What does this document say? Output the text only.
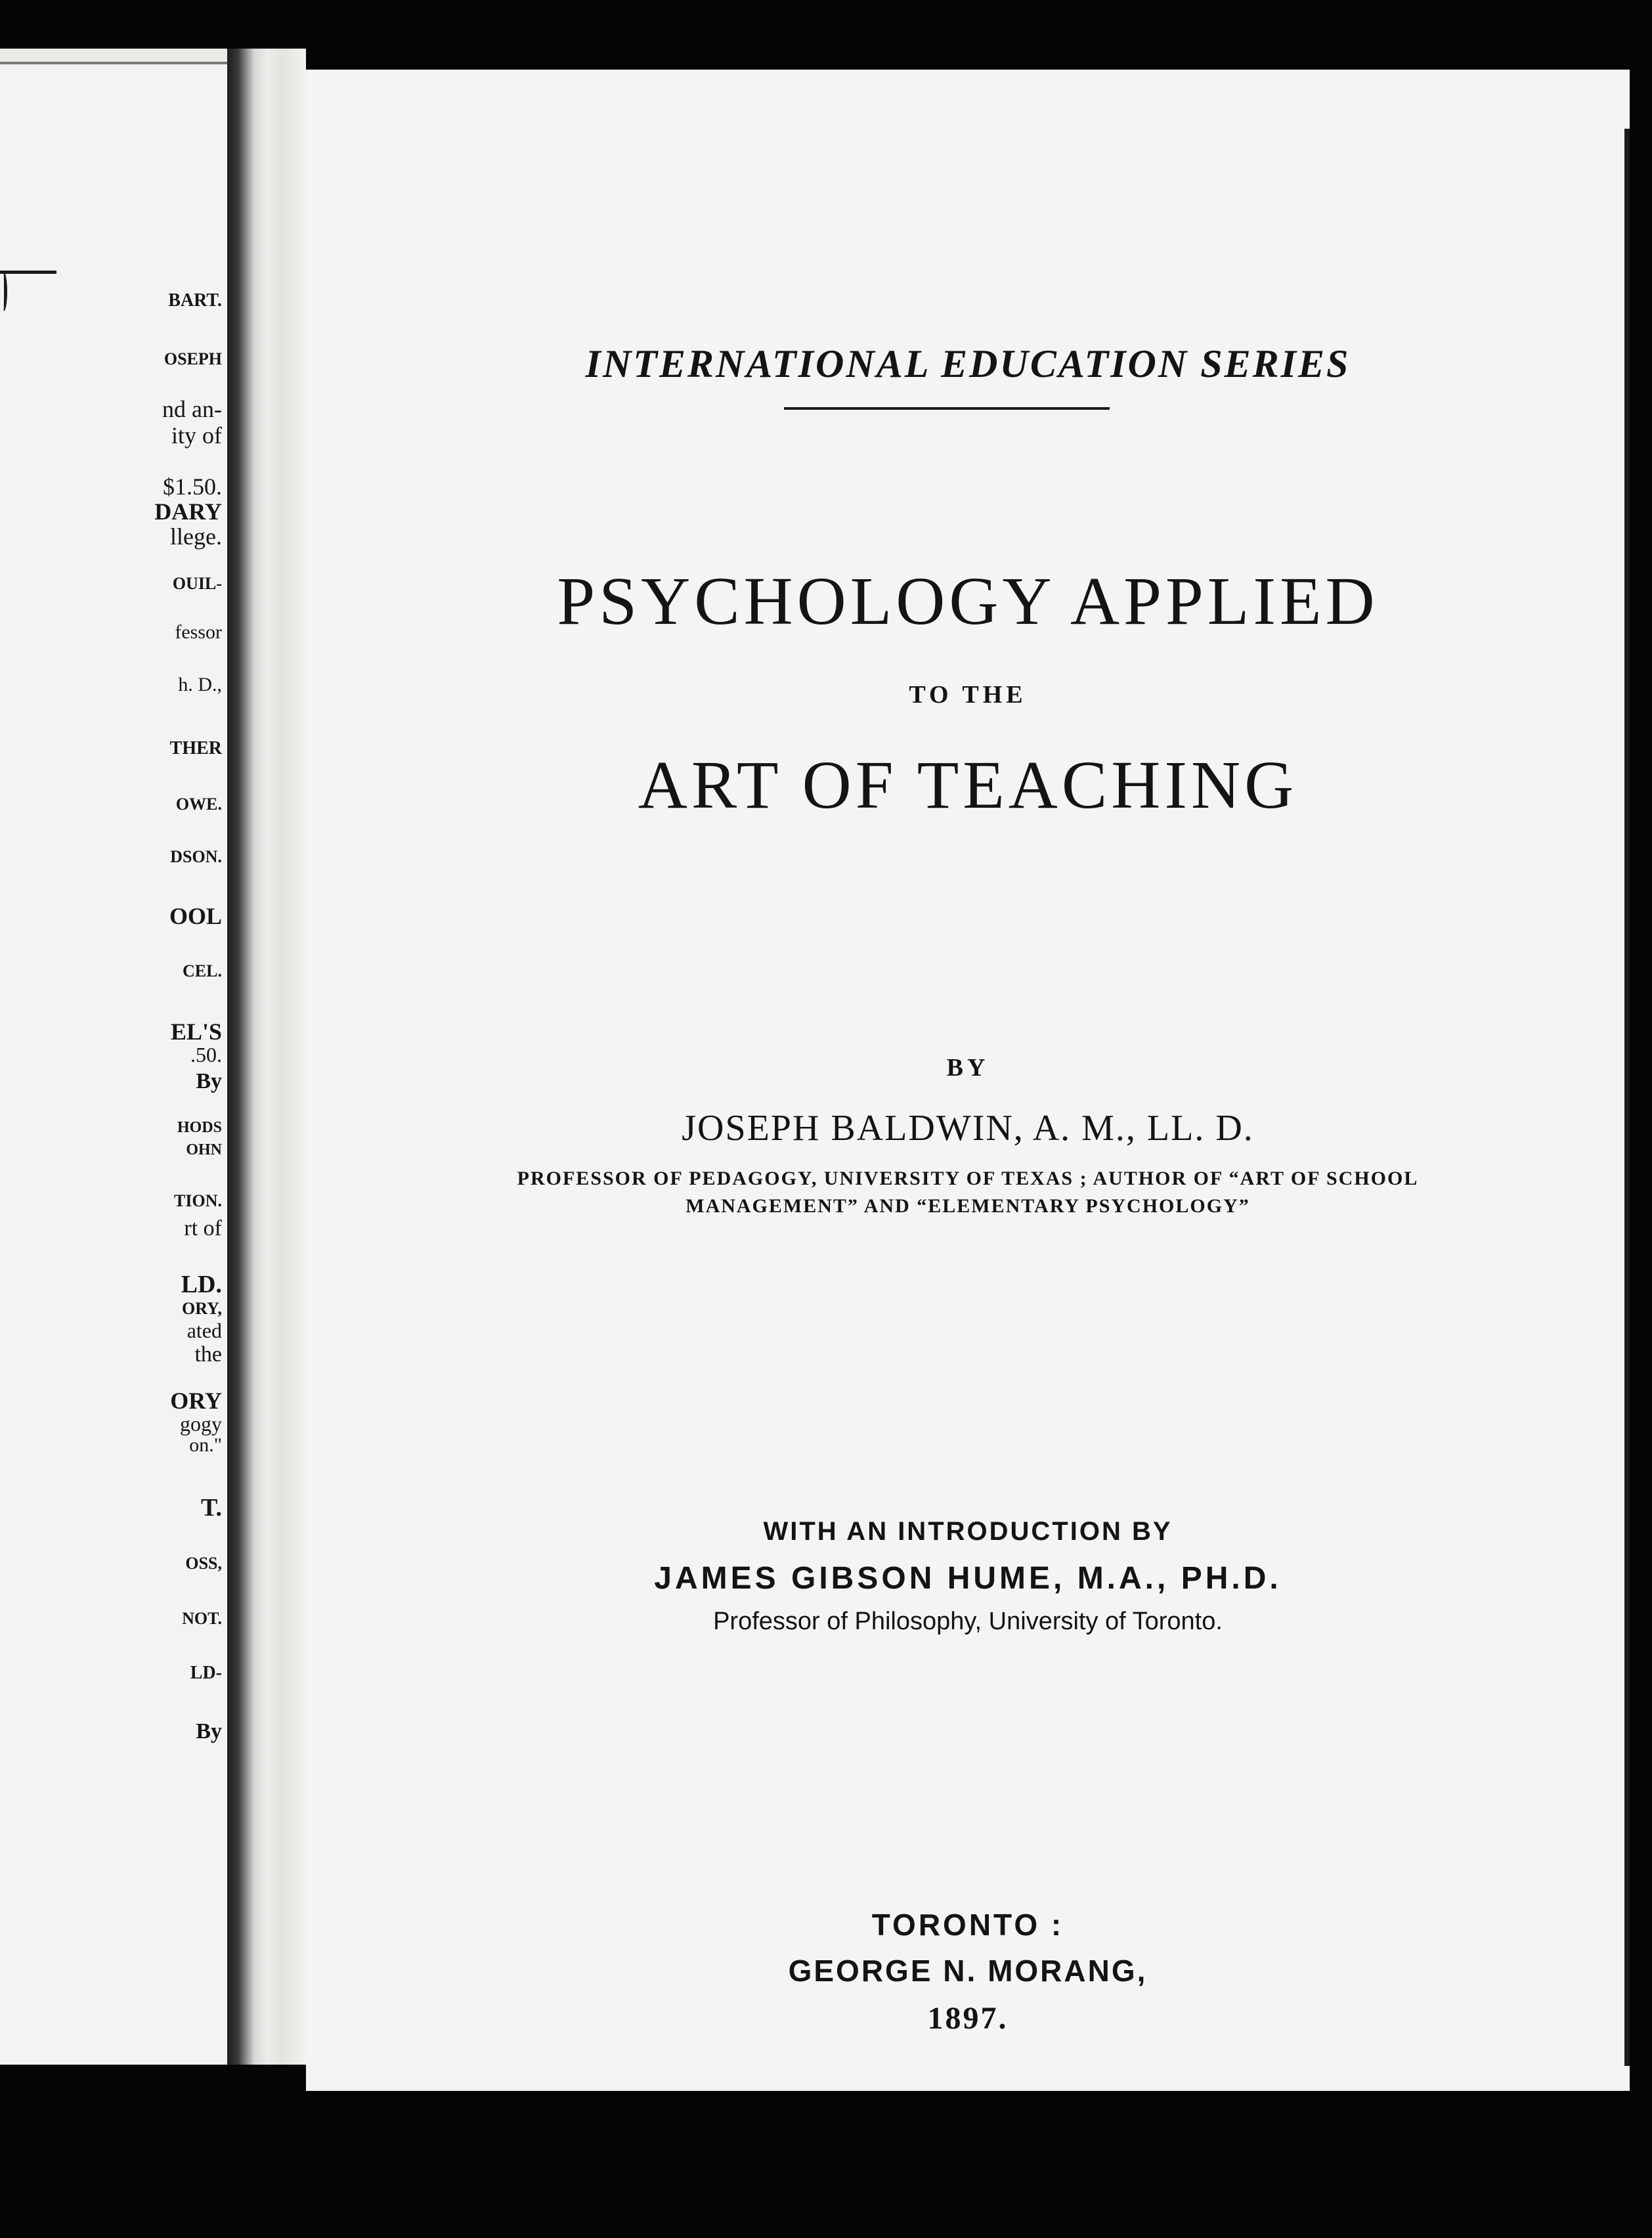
BART.
OSEPH
nd an-
ity of
$1.50.
DARY
llege.
OUIL-
fessor
h. D.,
THER
OWE.
DSON.
OOL
CEL.
EL'S
.50.
By
HODS
OHN
TION.
rt of
LD.
ORY,
ated
the
ORY
gogy
on."
T.
OSS,
NOT.
LD-
By

INTERNATIONAL EDUCATION SERIES

PSYCHOLOGY APPLIED

TO THE

ART OF TEACHING

BY

JOSEPH BALDWIN, A. M., LL. D.

PROFESSOR OF PEDAGOGY, UNIVERSITY OF TEXAS ; AUTHOR OF “ART OF SCHOOL

MANAGEMENT” AND “ELEMENTARY PSYCHOLOGY”

WITH AN INTRODUCTION BY

JAMES GIBSON HUME, M.A., PH.D.

Professor of Philosophy, University of Toronto.

TORONTO :

GEORGE N. MORANG,

1897.
